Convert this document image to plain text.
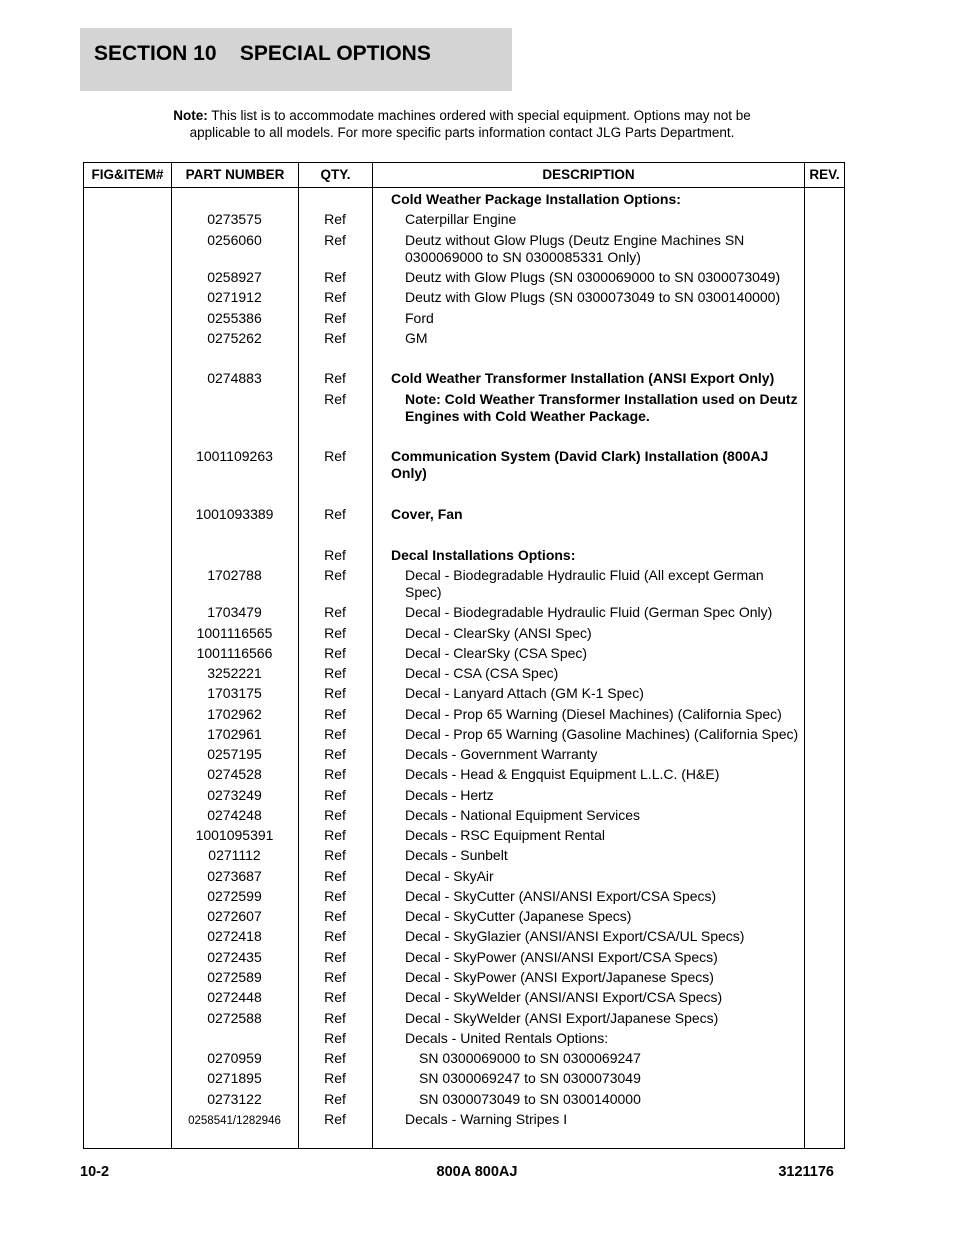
SECTION 10    SPECIAL OPTIONS
Note: This list is to accommodate machines ordered with special equipment. Options may not be applicable to all models. For more specific parts information contact JLG Parts Department.
FIG&ITEM#	PART NUMBER	QTY.	DESCRIPTION	REV.
Cold Weather Package Installation Options:
0273575	Ref	Caterpillar Engine
0256060	Ref	Deutz without Glow Plugs (Deutz Engine Machines SN 0300069000 to SN 0300085331 Only)
0258927	Ref	Deutz with Glow Plugs (SN 0300069000 to SN 0300073049)
0271912	Ref	Deutz with Glow Plugs (SN 0300073049 to SN 0300140000)
0255386	Ref	Ford
0275262	Ref	GM
0274883	Ref	Cold Weather Transformer Installation (ANSI Export Only)
Ref	Note: Cold Weather Transformer Installation used on Deutz Engines with Cold Weather Package.
1001109263	Ref	Communication System (David Clark) Installation (800AJ Only)
1001093389	Ref	Cover, Fan
Ref	Decal Installations Options:
1702788	Ref	Decal - Biodegradable Hydraulic Fluid (All except German Spec)
1703479	Ref	Decal - Biodegradable Hydraulic Fluid (German Spec Only)
1001116565	Ref	Decal - ClearSky (ANSI Spec)
1001116566	Ref	Decal - ClearSky (CSA Spec)
3252221	Ref	Decal - CSA (CSA Spec)
1703175	Ref	Decal - Lanyard Attach (GM K-1 Spec)
1702962	Ref	Decal - Prop 65 Warning (Diesel Machines) (California Spec)
1702961	Ref	Decal - Prop 65 Warning (Gasoline Machines) (California Spec)
0257195	Ref	Decals - Government Warranty
0274528	Ref	Decals - Head & Engquist Equipment L.L.C. (H&E)
0273249	Ref	Decals - Hertz
0274248	Ref	Decals - National Equipment Services
1001095391	Ref	Decals - RSC Equipment Rental
0271112	Ref	Decals - Sunbelt
0273687	Ref	Decal - SkyAir
0272599	Ref	Decal - SkyCutter (ANSI/ANSI Export/CSA Specs)
0272607	Ref	Decal - SkyCutter (Japanese Specs)
0272418	Ref	Decal - SkyGlazier (ANSI/ANSI Export/CSA/UL Specs)
0272435	Ref	Decal - SkyPower (ANSI/ANSI Export/CSA Specs)
0272589	Ref	Decal - SkyPower (ANSI Export/Japanese Specs)
0272448	Ref	Decal - SkyWelder (ANSI/ANSI Export/CSA Specs)
0272588	Ref	Decal - SkyWelder (ANSI Export/Japanese Specs)
Ref	Decals - United Rentals Options:
0270959	Ref	SN 0300069000 to SN 0300069247
0271895	Ref	SN 0300069247 to SN 0300073049
0273122	Ref	SN 0300073049 to SN 0300140000
0258541/1282946	Ref	Decals - Warning Stripes I
10-2	800A 800AJ	3121176
